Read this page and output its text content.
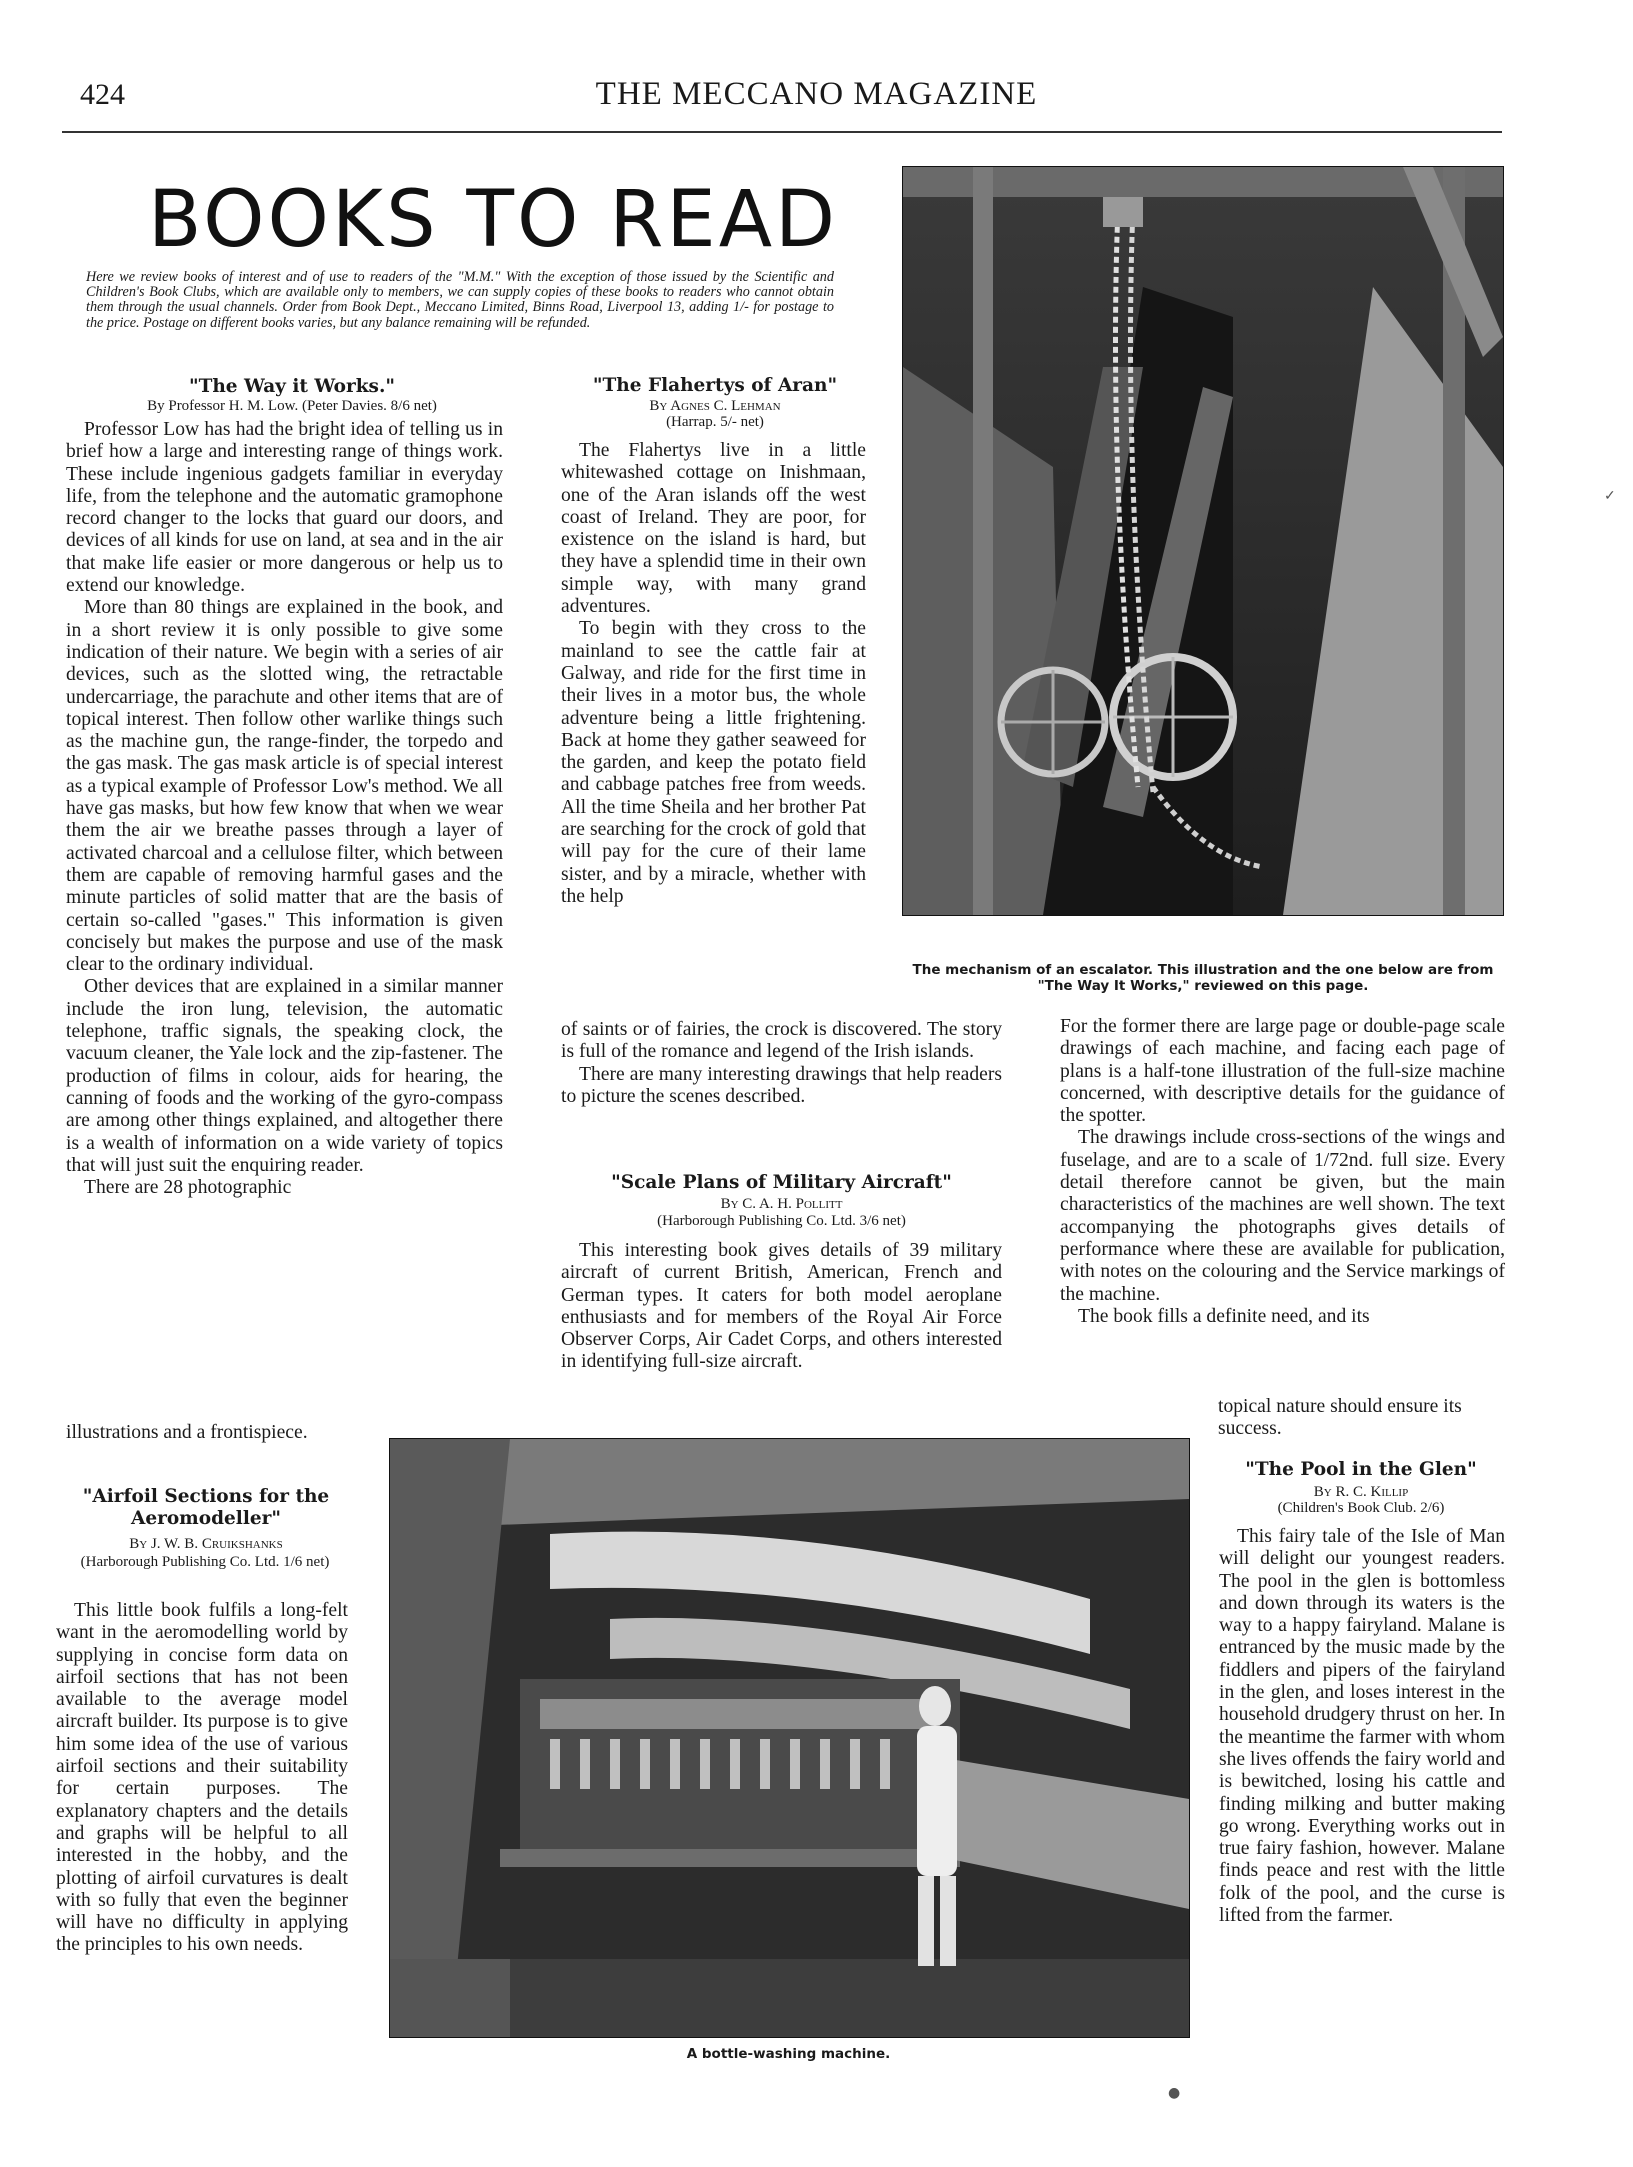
424	THE MECCANO MAGAZINE
BOOKS TO READ
Here we review books of interest and of use to readers of the "M.M." With the exception of those issued by the Scientific and Children's Book Clubs, which are available only to members, we can supply copies of these books to readers who cannot obtain them through the usual channels. Order from Book Dept., Meccano Limited, Binns Road, Liverpool 13, adding 1/- for postage to the price. Postage on different books varies, but any balance remaining will be refunded.
The mechanism of an escalator. This illustration and the one below are from "The Way It Works," reviewed on this page.
"The Way it Works."
By Professor H. M. Low. (Peter Davies. 8/6 net)

Professor Low has had the bright idea of telling us in brief how a large and interesting range of things work. These include ingenious gadgets familiar in everyday life, from the telephone and the automatic gramophone record changer to the locks that guard our doors, and devices of all kinds for use on land, at sea and in the air that make life easier or more dangerous or help us to extend our knowledge.

More than 80 things are explained in the book, and in a short review it is only possible to give some indication of their nature. We begin with a series of air devices, such as the slotted wing, the retractable undercarriage, the parachute and other items that are of topical interest. Then follow other warlike things such as the machine gun, the range-finder, the torpedo and the gas mask. The gas mask article is of special interest as a typical example of Professor Low's method. We all have gas masks, but how few know that when we wear them the air we breathe passes through a layer of activated charcoal and a cellulose filter, which between them are capable of removing harmful gases and the minute particles of solid matter that are the basis of certain so-called "gases." This information is given concisely but makes the purpose and use of the mask clear to the ordinary individual.

Other devices that are explained in a similar manner include the iron lung, television, the automatic telephone, traffic signals, the speaking clock, the vacuum cleaner, the Yale lock and the zip-fastener. The production of films in colour, aids for hearing, the canning of foods and the working of the gyro-compass are among other things explained, and altogether there is a wealth of information on a wide variety of topics that will just suit the enquiring reader.

There are 28 photographic

illustrations and a frontispiece.
"Airfoil Sections for the Aeromodeller"
By J. W. B. Cruikshanks
(Harborough Publishing Co. Ltd. 1/6 net)

This little book fulfils a long-felt want in the aeromodelling world by supplying in concise form data on airfoil sections that has not been available to the average model aircraft builder. Its purpose is to give him some idea of the use of various airfoil sections and their suitability for certain purposes. The explanatory chapters and the details and graphs will be helpful to all interested in the hobby, and the plotting of airfoil curvatures is dealt with so fully that even the beginner will have no difficulty in applying the principles to his own needs.

"The Flahertys of Aran"
By Agnes C. Lehman
(Harrap. 5/- net)

The Flahertys live in a little whitewashed cottage on Inishmaan, one of the Aran islands off the west coast of Ireland. They are poor, for existence on the island is hard, but they have a splendid time in their own simple way, with many grand adventures.

To begin with they cross to the mainland to see the cattle fair at Galway, and ride for the first time in their lives in a motor bus, the whole adventure being a little frightening. Back at home they gather seaweed for the garden, and keep the potato field and cabbage patches free from weeds. All the time Sheila and her brother Pat are searching for the crock of gold that will pay for the cure of their lame sister, and by a miracle, whether with the help

of saints or of fairies, the crock is discovered. The story is full of the romance and legend of the Irish islands.

There are many interesting drawings that help readers to picture the scenes described.

"Scale Plans of Military Aircraft"
By C. A. H. Pollitt
(Harborough Publishing Co. Ltd. 3/6 net)

This interesting book gives details of 39 military aircraft of current British, American, French and German types. It caters for both model aeroplane enthusiasts and for members of the Royal Air Force Observer Corps, Air Cadet Corps, and others interested in identifying full-size aircraft.

For the former there are large page or double-page scale drawings of each machine, and facing each page of plans is a half-tone illustration of the full-size machine concerned, with descriptive details for the guidance of the spotter.

The drawings include cross-sections of the wings and fuselage, and are to a scale of 1/72nd. full size. Every detail therefore cannot be given, but the main characteristics of the machines are well shown. The text accompanying the photographs gives details of performance where these are available for publication, with notes on the colouring and the Service markings of the machine.

The book fills a definite need, and its

topical nature should ensure its success.
"The Pool in the Glen"
By R. C. Killip
(Children's Book Club. 2/6)

This fairy tale of the Isle of Man will delight our youngest readers. The pool in the glen is bottomless and down through its waters is the way to a happy fairyland. Malane is entranced by the music made by the fiddlers and pipers of the fairyland in the glen, and loses interest in the household drudgery thrust on her. In the meantime the farmer with whom she lives offends the fairy world and is bewitched, losing his cattle and finding milking and butter making go wrong. Everything works out in true fairy fashion, however. Malane finds peace and rest with the little folk of the pool, and the curse is lifted from the farmer.

A bottle-washing machine.
✓
●
